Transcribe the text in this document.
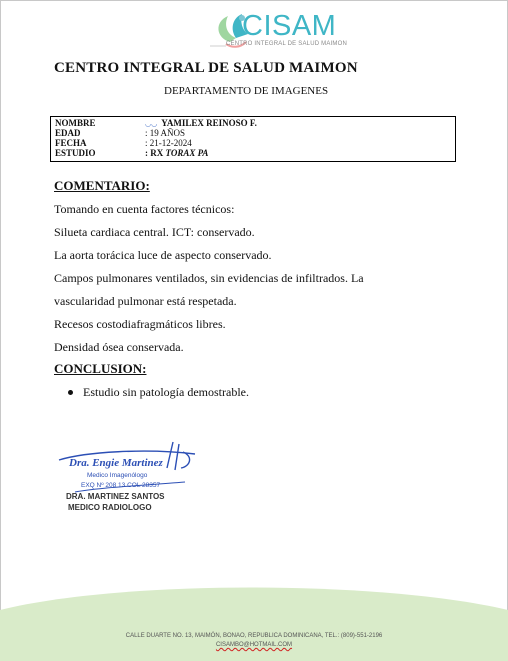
CISAM
CENTRO INTEGRAL DE SALUD MAIMON
CENTRO INTEGRAL DE SALUD MAIMON
DEPARTAMENTO DE IMAGENES
NOMBRE	◡◡ YAMILEX REINOSO F.
EDAD	: 19 AÑOS
FECHA	: 21-12-2024
ESTUDIO	: RX TORAX PA
COMENTARIO:
Tomando en cuenta factores técnicos:
Silueta cardiaca central. ICT: conservado.
La aorta torácica luce de aspecto conservado.
Campos pulmonares ventilados, sin evidencias de infiltrados. La
vascularidad pulmonar está respetada.
Recesos costodiafragmáticos libres.
Densidad ósea conservada.
CONCLUSION:
Estudio sin patología demostrable.
Dra. Engie Martinez
Medico Imagenólogo
EXQ Nº 208 13 COL 28357
DRA. MARTINEZ SANTOS
MEDICO RADIOLOGO
CALLE DUARTE NO. 13, MAIMÓN, BONAO, REPUBLICA DOMINICANA, TEL.: (809)-551-2196
CISAMBO@HOTMAIL.COM
